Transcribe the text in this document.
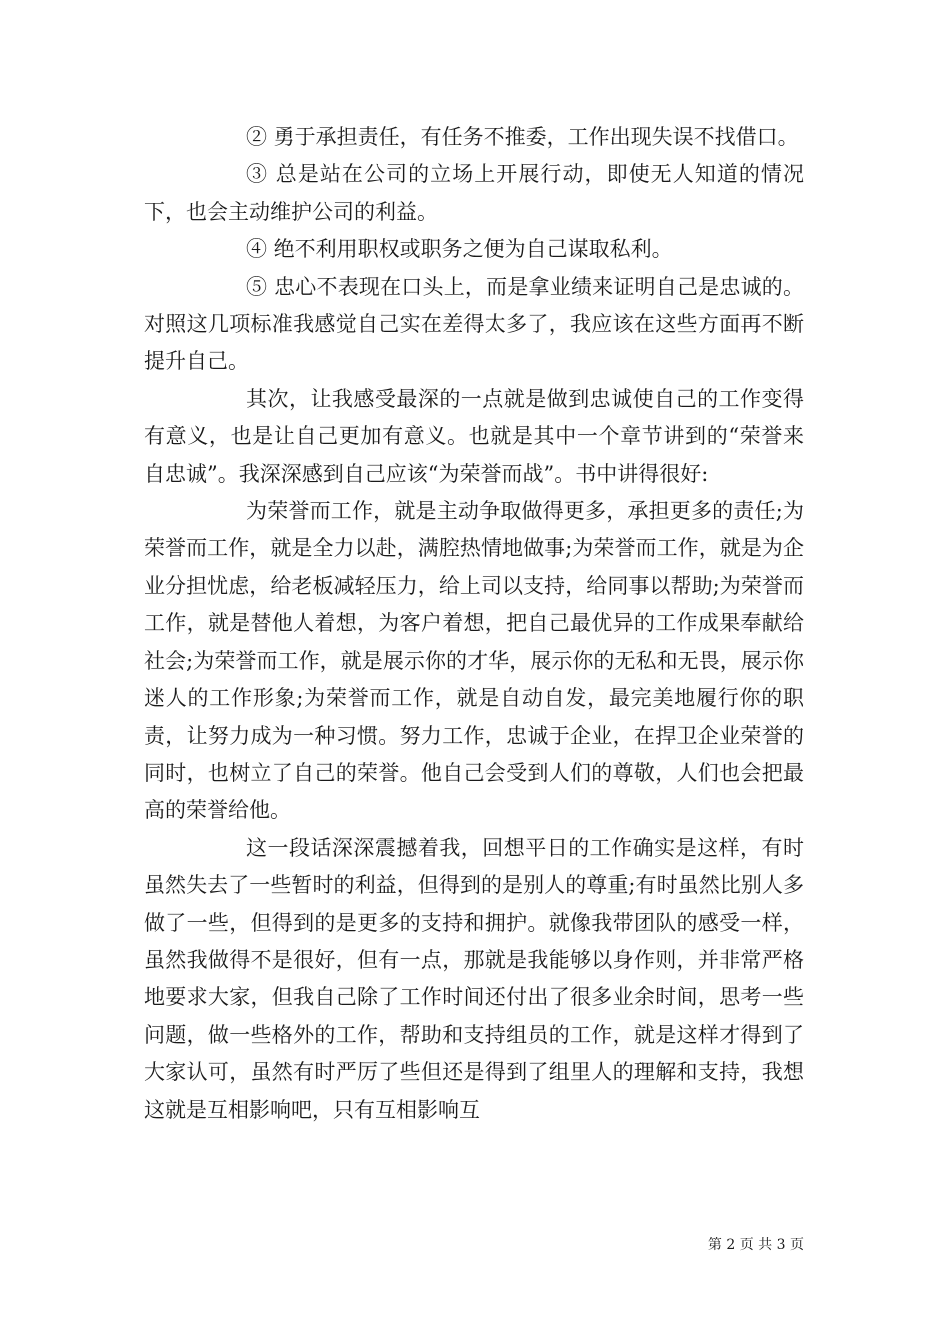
② 勇于承担责任，有任务不推委，工作出现失误不找借口。

③ 总是站在公司的立场上开展行动，即使无人知道的情况下，也会主动维护公司的利益。

④ 绝不利用职权或职务之便为自己谋取私利。

⑤ 忠心不表现在口头上，而是拿业绩来证明自己是忠诚的。对照这几项标准我感觉自己实在差得太多了，我应该在这些方面再不断提升自己。

其次，让我感受最深的一点就是做到忠诚使自己的工作变得有意义，也是让自己更加有意义。也就是其中一个章节讲到的“荣誉来自忠诚”。我深深感到自己应该“为荣誉而战”。书中讲得很好:

为荣誉而工作，就是主动争取做得更多，承担更多的责任;为荣誉而工作，就是全力以赴，满腔热情地做事;为荣誉而工作，就是为企业分担忧虑，给老板减轻压力，给上司以支持，给同事以帮助;为荣誉而工作，就是替他人着想，为客户着想，把自己最优异的工作成果奉献给社会;为荣誉而工作，就是展示你的才华，展示你的无私和无畏，展示你迷人的工作形象;为荣誉而工作，就是自动自发，最完美地履行你的职责，让努力成为一种习惯。努力工作，忠诚于企业，在捍卫企业荣誉的同时，也树立了自己的荣誉。他自己会受到人们的尊敬，人们也会把最高的荣誉给他。

这一段话深深震撼着我，回想平日的工作确实是这样，有时虽然失去了一些暂时的利益，但得到的是别人的尊重;有时虽然比别人多做了一些，但得到的是更多的支持和拥护。就像我带团队的感受一样，虽然我做得不是很好，但有一点，那就是我能够以身作则，并非常严格地要求大家，但我自己除了工作时间还付出了很多业余时间，思考一些问题，做一些格外的工作，帮助和支持组员的工作，就是这样才得到了大家认可，虽然有时严厉了些但还是得到了组里人的理解和支持，我想这就是互相影响吧，只有互相影响互

第 2 页 共 3 页
